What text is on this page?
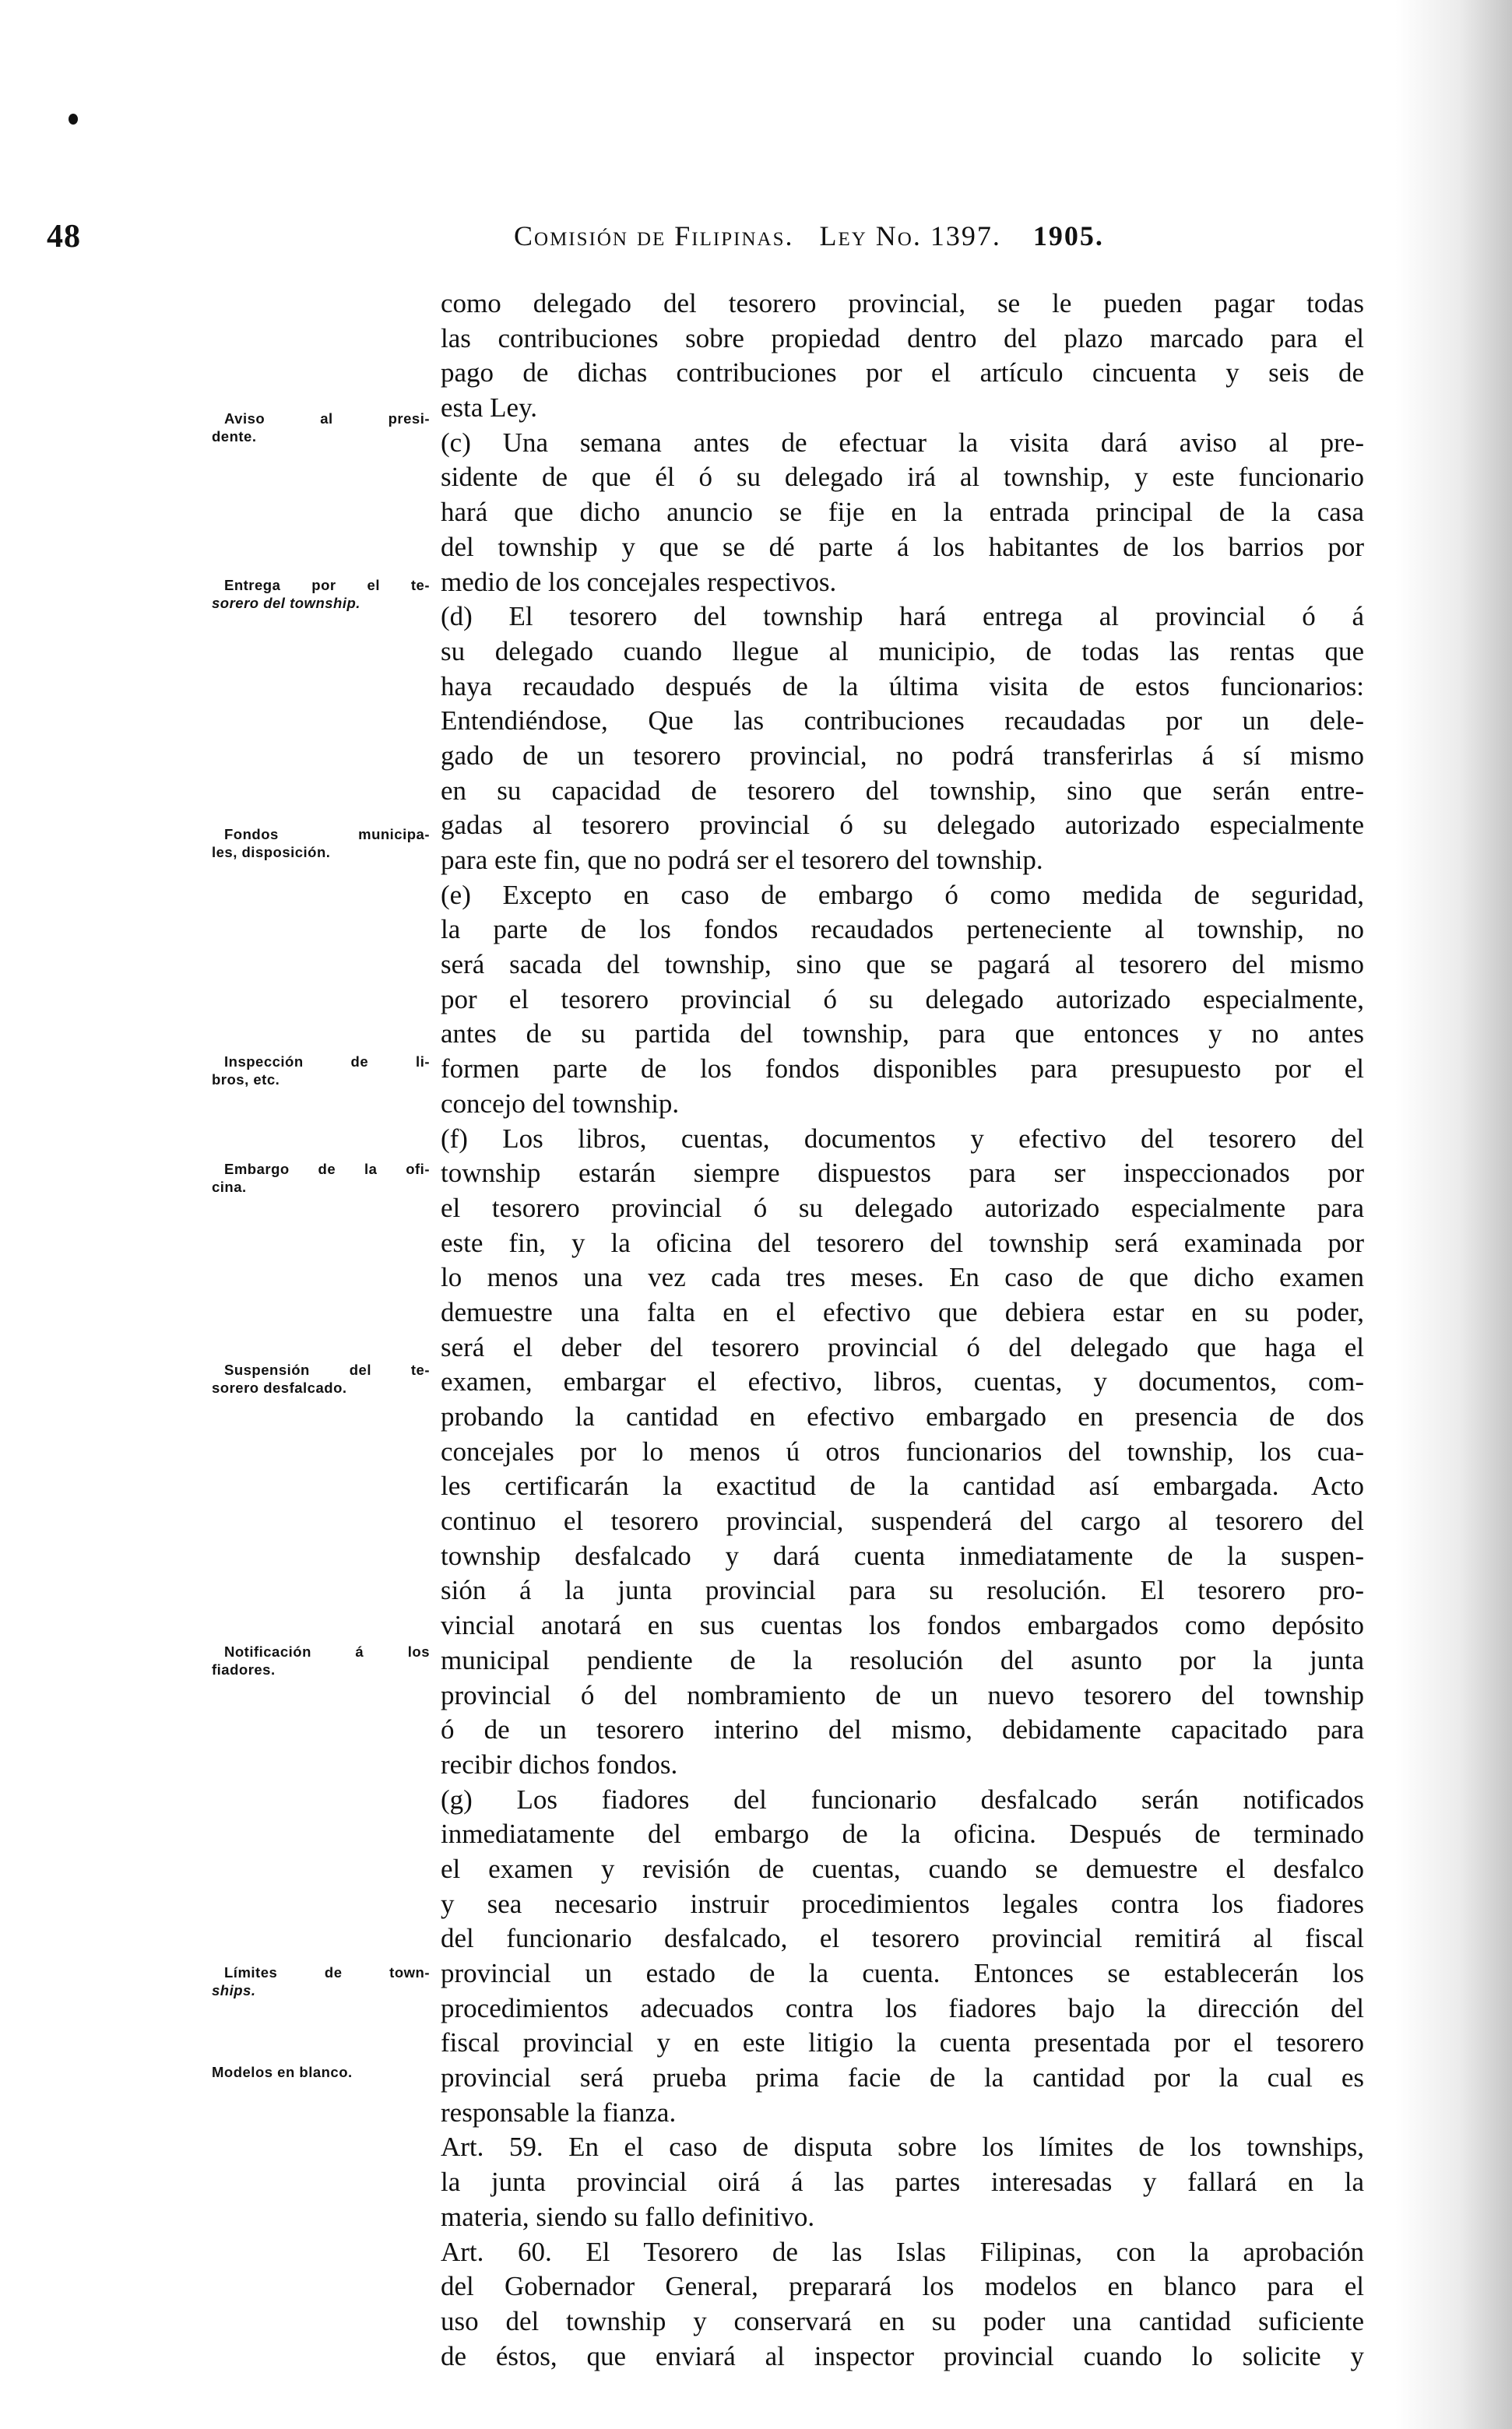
48	Comisión de Filipinas. Ley No. 1397. 1905.
Aviso al presi-
dente.
Entrega por el te-
sorero del township.
Fondos municipa-
les, disposición.
Inspección de li-
bros, etc.
Embargo de la ofi-
cina.
Suspensión del te-
sorero desfalcado.
Notificación á los
fiadores.
Límites de town-
ships.
Modelos en blanco.
como delegado del tesorero provincial, se le pueden pagar todas
las contribuciones sobre propiedad dentro del plazo marcado para el
pago de dichas contribuciones por el artículo cincuenta y seis de
esta Ley.
(c) Una semana antes de efectuar la visita dará aviso al pre-
sidente de que él ó su delegado irá al township, y este funcionario
hará que dicho anuncio se fije en la entrada principal de la casa
del township y que se dé parte á los habitantes de los barrios por
medio de los concejales respectivos.
(d) El tesorero del township hará entrega al provincial ó á
su delegado cuando llegue al municipio, de todas las rentas que
haya recaudado después de la última visita de estos funcionarios:
Entendiéndose, Que las contribuciones recaudadas por un dele-
gado de un tesorero provincial, no podrá transferirlas á sí mismo
en su capacidad de tesorero del township, sino que serán entre-
gadas al tesorero provincial ó su delegado autorizado especialmente
para este fin, que no podrá ser el tesorero del township.
(e) Excepto en caso de embargo ó como medida de seguridad,
la parte de los fondos recaudados perteneciente al township, no
será sacada del township, sino que se pagará al tesorero del mismo
por el tesorero provincial ó su delegado autorizado especialmente,
antes de su partida del township, para que entonces y no antes
formen parte de los fondos disponibles para presupuesto por el
concejo del township.
(f) Los libros, cuentas, documentos y efectivo del tesorero del
township estarán siempre dispuestos para ser inspeccionados por
el tesorero provincial ó su delegado autorizado especialmente para
este fin, y la oficina del tesorero del township será examinada por
lo menos una vez cada tres meses. En caso de que dicho examen
demuestre una falta en el efectivo que debiera estar en su poder,
será el deber del tesorero provincial ó del delegado que haga el
examen, embargar el efectivo, libros, cuentas, y documentos, com-
probando la cantidad en efectivo embargado en presencia de dos
concejales por lo menos ú otros funcionarios del township, los cua-
les certificarán la exactitud de la cantidad así embargada. Acto
continuo el tesorero provincial, suspenderá del cargo al tesorero del
township desfalcado y dará cuenta inmediatamente de la suspen-
sión á la junta provincial para su resolución. El tesorero pro-
vincial anotará en sus cuentas los fondos embargados como depósito
municipal pendiente de la resolución del asunto por la junta
provincial ó del nombramiento de un nuevo tesorero del township
ó de un tesorero interino del mismo, debidamente capacitado para
recibir dichos fondos.
(g) Los fiadores del funcionario desfalcado serán notificados
inmediatamente del embargo de la oficina. Después de terminado
el examen y revisión de cuentas, cuando se demuestre el desfalco
y sea necesario instruir procedimientos legales contra los fiadores
del funcionario desfalcado, el tesorero provincial remitirá al fiscal
provincial un estado de la cuenta. Entonces se establecerán los
procedimientos adecuados contra los fiadores bajo la dirección del
fiscal provincial y en este litigio la cuenta presentada por el tesorero
provincial será prueba prima facie de la cantidad por la cual es
responsable la fianza.
Art. 59. En el caso de disputa sobre los límites de los townships,
la junta provincial oirá á las partes interesadas y fallará en la
materia, siendo su fallo definitivo.
Art. 60. El Tesorero de las Islas Filipinas, con la aprobación
del Gobernador General, preparará los modelos en blanco para el
uso del township y conservará en su poder una cantidad suficiente
de éstos, que enviará al inspector provincial cuando lo solicite y
